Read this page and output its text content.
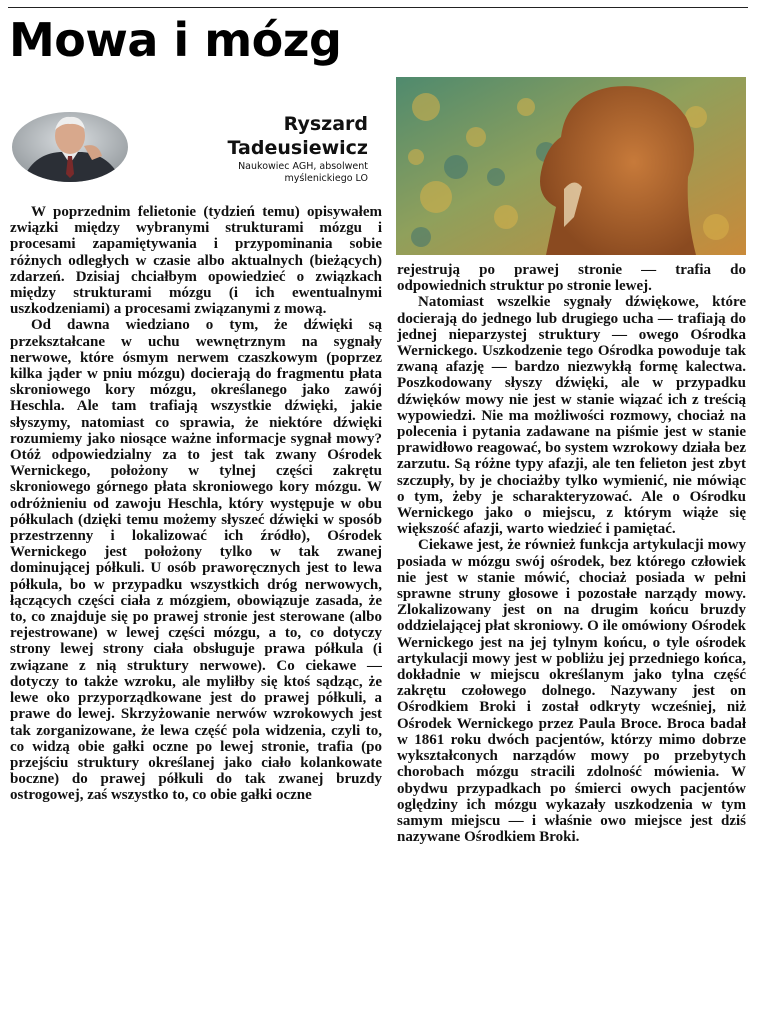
Mowa i mózg
Ryszard
Tadeusiewicz
Naukowiec AGH, absolwent
myślenickiego LO

W poprzednim felietonie (tydzień temu) opisywałem związki między wybranymi strukturami mózgu i procesami zapamiętywania i przypominania sobie różnych odległych w czasie albo aktualnych (bieżących) zdarzeń. Dzisiaj chciałbym opowiedzieć o związkach między strukturami mózgu (i ich ewentualnymi uszkodzeniami) a procesami związanymi z mową.

Od dawna wiedziano o tym, że dźwięki są przekształcane w uchu wewnętrznym na sygnały nerwowe, które ósmym nerwem czaszkowym (poprzez kilka jąder w pniu mózgu) docierają do fragmentu płata skroniowego kory mózgu, określanego jako zawój Heschla. Ale tam trafiają wszystkie dźwięki, jakie słyszymy, natomiast co sprawia, że niektóre dźwięki rozumiemy jako niosące ważne informacje sygnał mowy? Otóż odpowiedzialny za to jest tak zwany Ośrodek Wernickego, położony w tylnej części zakrętu skroniowego górnego płata skroniowego kory mózgu. W odróżnieniu od zawoju Heschla, który występuje w obu półkulach (dzięki temu możemy słyszeć dźwięki w sposób przestrzenny i lokalizować ich źródło), Ośrodek Wernickego jest położony tylko w tak zwanej dominującej półkuli. U osób praworęcznych jest to lewa półkula, bo w przypadku wszystkich dróg nerwowych, łączących części ciała z mózgiem, obowiązuje zasada, że to, co znajduje się po prawej stronie jest sterowane (albo rejestrowane) w lewej części mózgu, a to, co dotyczy strony lewej strony ciała obsługuje prawa półkula (i związane z nią struktury nerwowe). Co ciekawe — dotyczy to także wzroku, ale myliłby się ktoś sądząc, że lewe oko przyporządkowane jest do prawej półkuli, a prawe do lewej. Skrzyżowanie nerwów wzrokowych jest tak zorganizowane, że lewa część pola widzenia, czyli to, co widzą obie gałki oczne po lewej stronie, trafia (po przejściu struktury określanej jako ciało kolankowate boczne) do prawej półkuli do tak zwanej bruzdy ostrogowej, zaś wszystko to, co obie gałki oczne

rejestrują po prawej stronie — trafia do odpowiednich struktur po stronie lewej.

Natomiast wszelkie sygnały dźwiękowe, które docierają do jednego lub drugiego ucha — trafiają do jednej nieparzystej struktury — owego Ośrodka Wernickego. Uszkodzenie tego Ośrodka powoduje tak zwaną afazję — bardzo niezwykłą formę kalectwa. Poszkodowany słyszy dźwięki, ale w przypadku dźwięków mowy nie jest w stanie wiązać ich z treścią wypowiedzi. Nie ma możliwości rozmowy, chociaż na polecenia i pytania zadawane na piśmie jest w stanie prawidłowo reagować, bo system wzrokowy działa bez zarzutu. Są różne typy afazji, ale ten felieton jest zbyt szczupły, by je chociażby tylko wymienić, nie mówiąc o tym, żeby je scharakteryzować. Ale o Ośrodku Wernickego jako o miejscu, z którym wiąże się większość afazji, warto wiedzieć i pamiętać.

Ciekawe jest, że również funkcja artykulacji mowy posiada w mózgu swój ośrodek, bez którego człowiek nie jest w stanie mówić, chociaż posiada w pełni sprawne struny głosowe i pozostałe narządy mowy. Zlokalizowany jest on na drugim końcu bruzdy oddzielającej płat skroniowy. O ile omówiony Ośrodek Wernickego jest na jej tylnym końcu, o tyle ośrodek artykulacji mowy jest w pobliżu jej przedniego końca, dokładnie w miejscu określanym jako tylna część zakrętu czołowego dolnego. Nazywany jest on Ośrodkiem Broki i został odkryty wcześniej, niż Ośrodek Wernickego przez Paula Broce. Broca badał w 1861 roku dwóch pacjentów, którzy mimo dobrze wykształconych narządów mowy po przebytych chorobach mózgu stracili zdolność mówienia. W obydwu przypadkach po śmierci owych pacjentów oględziny ich mózgu wykazały uszkodzenia w tym samym miejscu — i właśnie owo miejsce jest dziś nazywane Ośrodkiem Broki.
